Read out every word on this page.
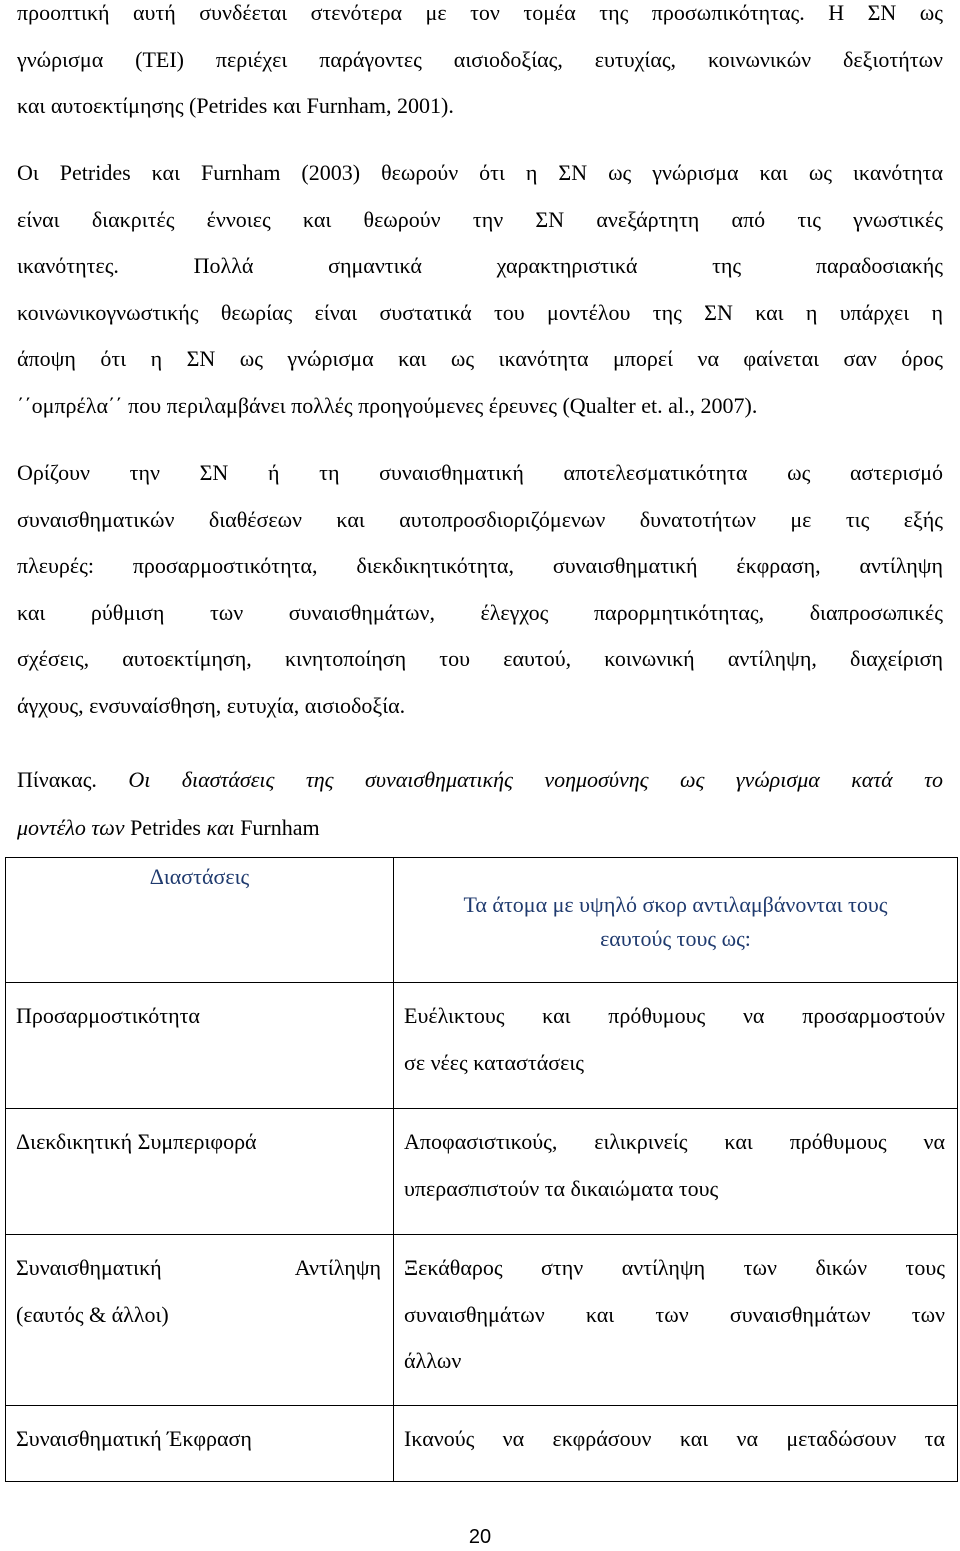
προοπτική αυτή συνδέεται στενότερα με τον τομέα της προσωπικότητας. Η ΣΝ ως
γνώρισμα (TEI) περιέχει παράγοντες αισιοδοξίας, ευτυχίας, κοινωνικών δεξιοτήτων
και αυτοεκτίμησης (Petrides και Furnham, 2001).
Οι Petrides και Furnham (2003) θεωρούν ότι η ΣΝ ως γνώρισμα και ως ικανότητα
είναι διακριτές έννοιες και θεωρούν την ΣΝ ανεξάρτητη από τις γνωστικές
ικανότητες. Πολλά σημαντικά χαρακτηριστικά της παραδοσιακής
κοινωνικογνωστικής θεωρίας είναι συστατικά του μοντέλου της ΣΝ και η υπάρχει η
άποψη ότι η ΣΝ ως γνώρισμα και ως ικανότητα μπορεί να φαίνεται σαν όρος
΄΄ομπρέλα΄΄ που περιλαμβάνει πολλές προηγούμενες έρευνες (Qualter et. al., 2007).
Ορίζουν την ΣΝ ή τη συναισθηματική αποτελεσματικότητα ως αστερισμό
συναισθηματικών διαθέσεων και αυτοπροσδιοριζόμενων δυνατοτήτων με τις εξής
πλευρές: προσαρμοστικότητα, διεκδικητικότητα, συναισθηματική έκφραση, αντίληψη
και ρύθμιση των συναισθημάτων, έλεγχος παρορμητικότητας, διαπροσωπικές
σχέσεις, αυτοεκτίμηση, κινητοποίηση του εαυτού, κοινωνική αντίληψη, διαχείριση
άγχους, ενσυναίσθηση, ευτυχία, αισιοδοξία.
Πίνακας. Οι διαστάσεις της συναισθηματικής νοημοσύνης ως γνώρισμα κατά το
μοντέλο των Petrides και Furnham
Διαστάσεις	Τα άτομα με υψηλό σκορ αντιλαμβάνονται τους
εαυτούς τους ως:

Προσαρμοστικότητα	Ευέλικτους και πρόθυμους να προσαρμοστούν
σε νέες καταστάσεις

Διεκδικητική Συμπεριφορά	Αποφασιστικούς, ειλικρινείς και πρόθυμους να
υπερασπιστούν τα δικαιώματα τους

Συναισθηματική Αντίληψη
(εαυτός & άλλοι)	Ξεκάθαρος στην αντίληψη των δικών τους
συναισθημάτων και των συναισθημάτων των
άλλων

Συναισθηματική Έκφραση	Ικανούς να εκφράσουν και να μεταδώσουν τα
20
